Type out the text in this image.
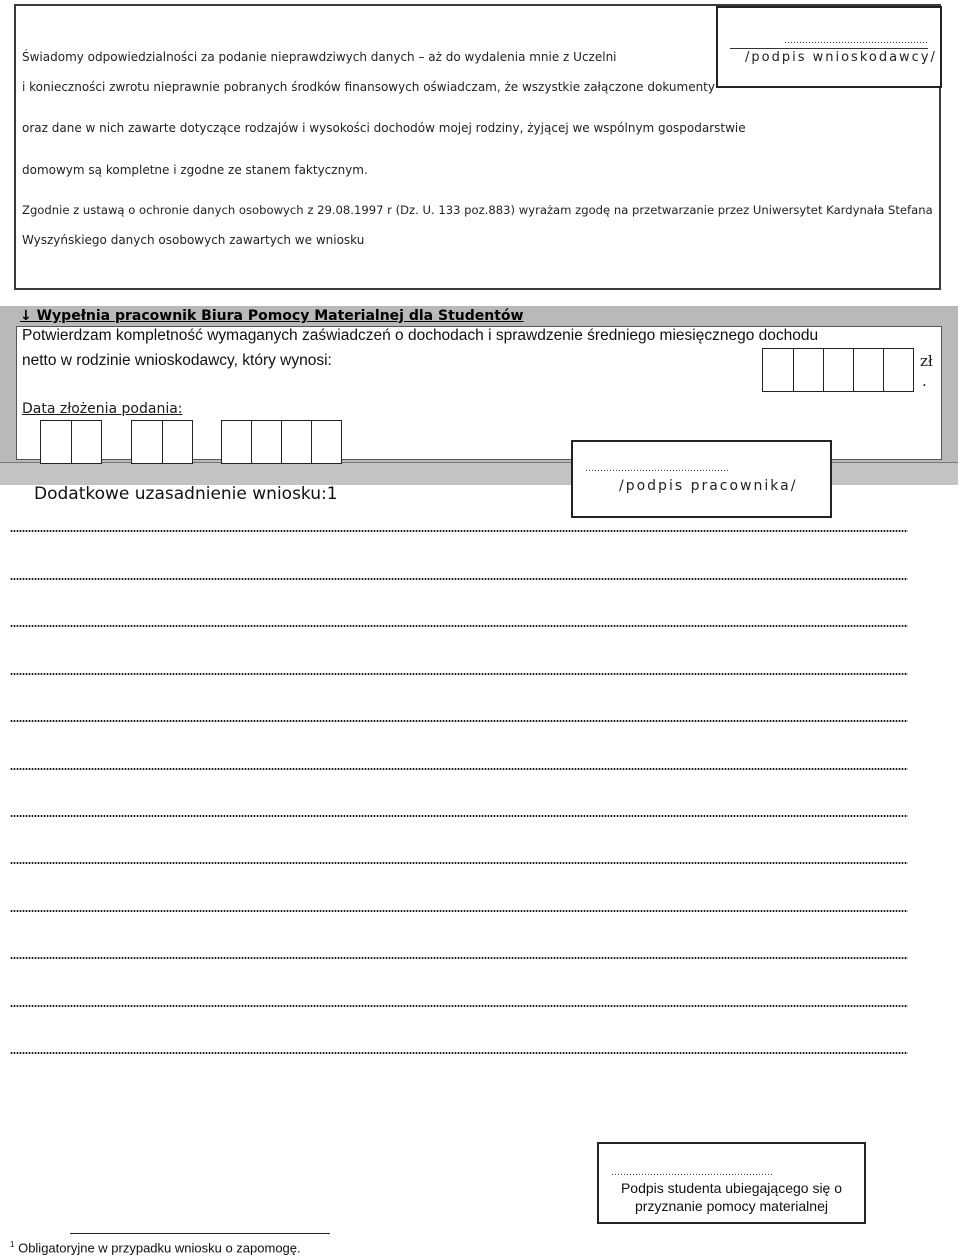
Świadomy odpowiedzialności za podanie nieprawdziwych danych – aż do wydalenia mnie z Uczelni
i konieczności zwrotu nieprawnie pobranych środków finansowych oświadczam, że wszystkie załączone dokumenty
oraz dane w nich zawarte dotyczące rodzajów i wysokości dochodów mojej rodziny, żyjącej we wspólnym gospodarstwie
domowym są kompletne i zgodne ze stanem faktycznym.
Zgodnie z ustawą o ochronie danych osobowych z 29.08.1997 r (Dz. U. 133 poz.883) wyrażam zgodę na przetwarzanie przez Uniwersytet Kardynała Stefana
Wyszyńskiego danych osobowych zawartych we wniosku
…………………………………………
/podpis wnioskodawcy/
↓ Wypełnia pracownik Biura Pomocy Materialnej dla Studentów
Potwierdzam kompletność wymaganych zaświadczeń o dochodach i sprawdzenie średniego miesięcznego dochodu
netto w rodzinie wnioskodawcy, który wynosi:	zł
.
Data złożenia podania:
…………………………………………
/podpis pracownika/
Dodatkowe uzasadnienie wniosku:1
………………………………………………
Podpis studenta ubiegającego się o
przyznanie pomocy materialnej
$^1$ Obligatoryjne w przypadku wniosku o zapomogę.
